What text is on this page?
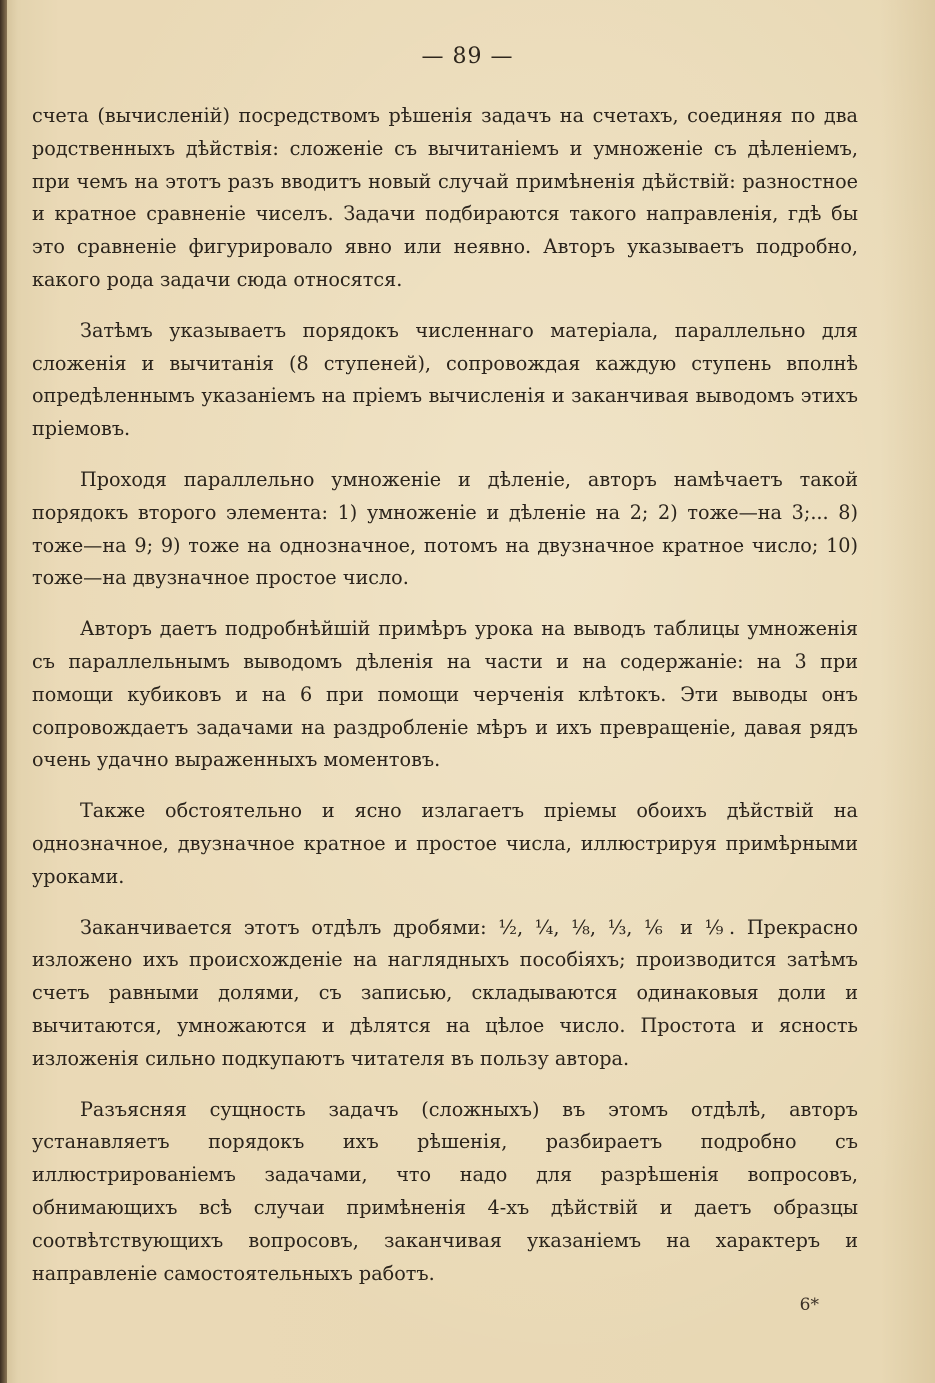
— 89 —

счета (вычисленій) посредствомъ рѣшенія задачъ на счетахъ, соединяя по два родственныхъ дѣйствія: сложеніе съ вычитаніемъ и умноженіе съ дѣленіемъ, при чемъ на этотъ разъ вводитъ новый случай примѣненія дѣйствій: разностное и кратное сравненіе чиселъ. Задачи подбираются такого направленія, гдѣ бы это сравненіе фигурировало явно или неявно. Авторъ указываетъ подробно, какого рода задачи сюда относятся.

Затѣмъ указываетъ порядокъ численнаго матеріала, параллельно для сложенія и вычитанія (8 ступеней), сопровождая каждую ступень вполнѣ опредѣленнымъ указаніемъ на пріемъ вычисленія и заканчивая выводомъ этихъ пріемовъ.

Проходя параллельно умноженіе и дѣленіе, авторъ намѣчаетъ такой порядокъ второго элемента: 1) умноженіе и дѣленіе на 2; 2) тоже—на 3;... 8) тоже—на 9; 9) тоже на однозначное, потомъ на двузначное кратное число; 10) тоже—на двузначное простое число.

Авторъ даетъ подробнѣйшій примѣръ урока на выводъ таблицы умноженія съ параллельнымъ выводомъ дѣленія на части и на содержаніе: на 3 при помощи кубиковъ и на 6 при помощи черченія клѣтокъ. Эти выводы онъ сопровождаетъ задачами на раздробленіе мѣръ и ихъ превращеніе, давая рядъ очень удачно выраженныхъ моментовъ.

Также обстоятельно и ясно излагаетъ пріемы обоихъ дѣйствій на однозначное, двузначное кратное и простое числа, иллюстрируя примѣрными уроками.

Заканчивается этотъ отдѣлъ дробями: ½, ¼, ⅛, ⅓, ⅙ и ⅑. Прекрасно изложено ихъ происхожденіе на наглядныхъ пособіяхъ; производится затѣмъ счетъ равными долями, съ записью, складываются одинаковыя доли и вычитаются, умножаются и дѣлятся на цѣлое число. Простота и ясность изложенія сильно подкупаютъ читателя въ пользу автора.

Разъясняя сущность задачъ (сложныхъ) въ этомъ отдѣлѣ, авторъ устанавляетъ порядокъ ихъ рѣшенія, разбираетъ подробно съ иллюстрированіемъ задачами, что надо для разрѣшенія вопросовъ, обнимающихъ всѣ случаи примѣненія 4-хъ дѣйствій и даетъ образцы соотвѣтствующихъ вопросовъ, заканчивая указаніемъ на характеръ и направленіе самостоятельныхъ работъ.

6*
